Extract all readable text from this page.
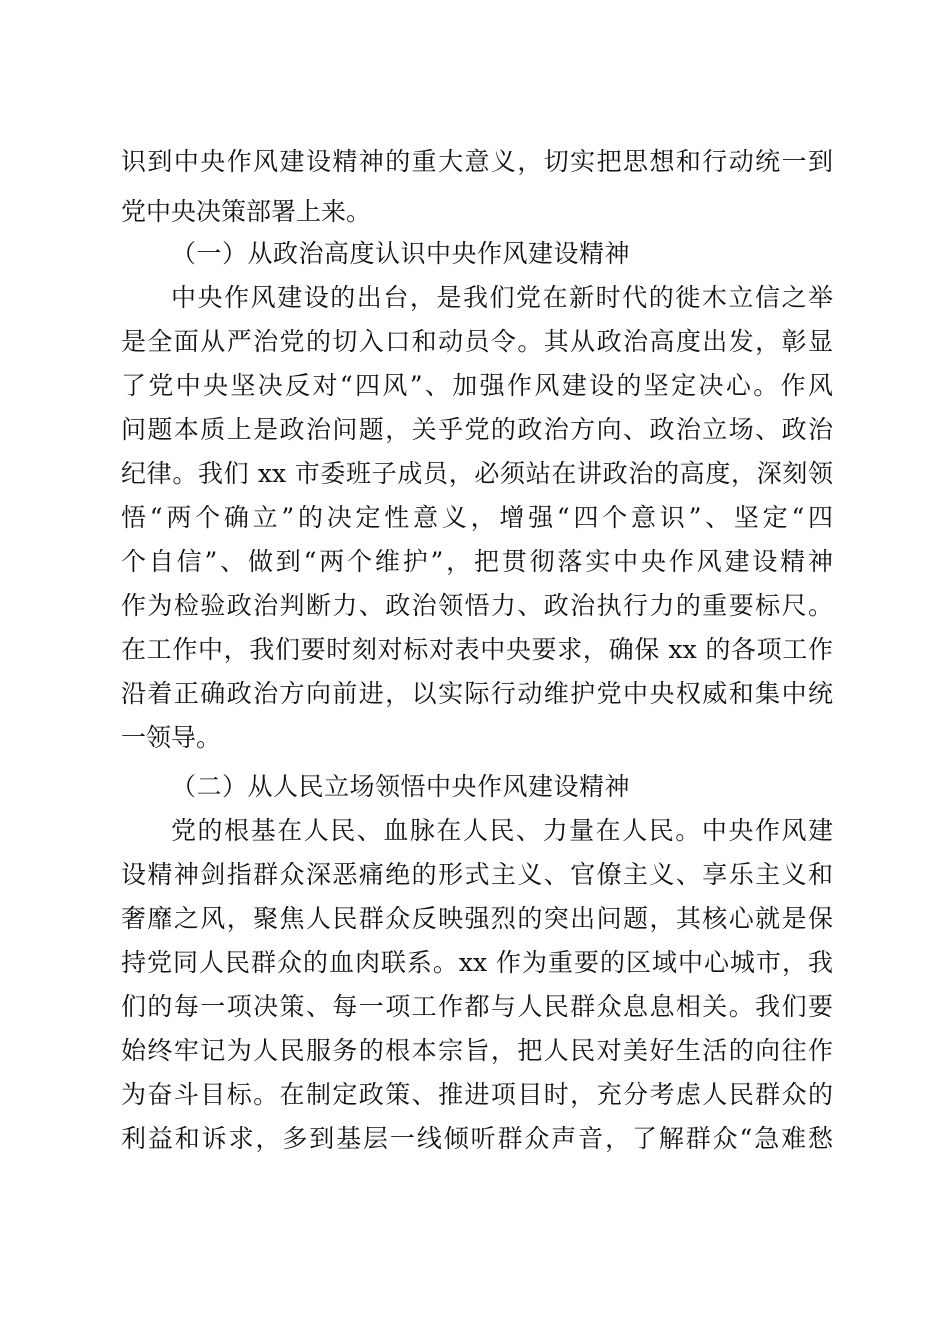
识到中央作风建设精神的重大意义，切实把思想和行动统一到
党中央决策部署上来。
（一）从政治高度认识中央作风建设精神
中央作风建设的出台，是我们党在新时代的徙木立信之举
是全面从严治党的切入口和动员令。其从政治高度出发，彰显
了党中央坚决反对“四风”、加强作风建设的坚定决心。作风
问题本质上是政治问题，关乎党的政治方向、政治立场、政治
纪律。我们 xx 市委班子成员，必须站在讲政治的高度，深刻领
悟“两个确立”的决定性意义，增强“四个意识”、坚定“四
个自信”、做到“两个维护”，把贯彻落实中央作风建设精神
作为检验政治判断力、政治领悟力、政治执行力的重要标尺。
在工作中，我们要时刻对标对表中央要求，确保 xx 的各项工作
沿着正确政治方向前进，以实际行动维护党中央权威和集中统
一领导。
（二）从人民立场领悟中央作风建设精神
党的根基在人民、血脉在人民、力量在人民。中央作风建
设精神剑指群众深恶痛绝的形式主义、官僚主义、享乐主义和
奢靡之风，聚焦人民群众反映强烈的突出问题，其核心就是保
持党同人民群众的血肉联系。xx 作为重要的区域中心城市，我
们的每一项决策、每一项工作都与人民群众息息相关。我们要
始终牢记为人民服务的根本宗旨，把人民对美好生活的向往作
为奋斗目标。在制定政策、推进项目时，充分考虑人民群众的
利益和诉求，多到基层一线倾听群众声音，了解群众“急难愁
